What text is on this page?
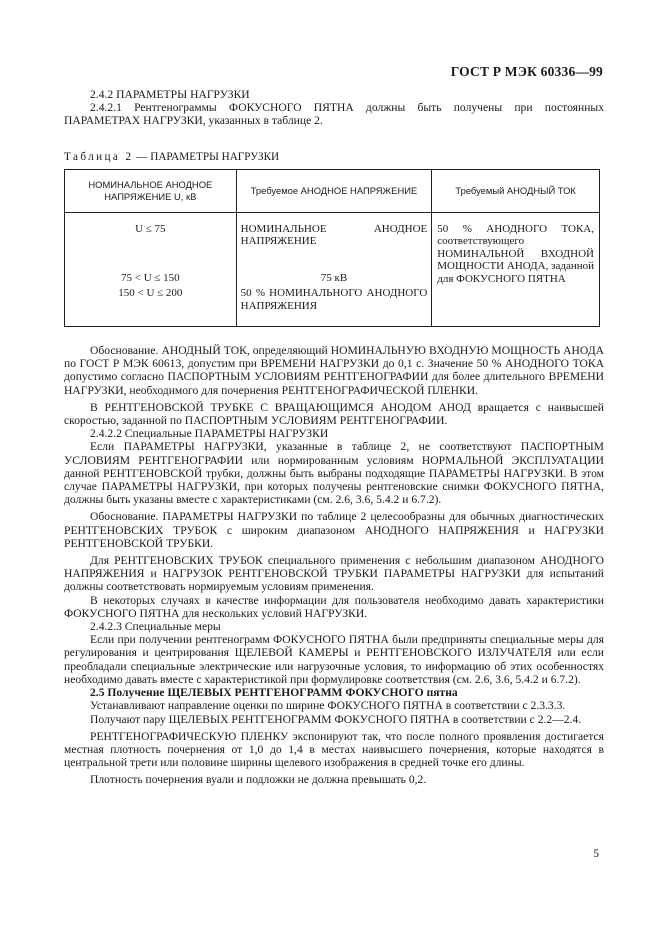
ГОСТ Р МЭК 60336—99

2.4.2 ПАРАМЕТРЫ НАГРУЗКИ

2.4.2.1 Рентгенограммы ФОКУСНОГО ПЯТНА должны быть получены при постоянных ПАРАМЕТРАХ НАГРУЗКИ, указанных в таблице 2.

Таблица 2 — ПАРАМЕТРЫ НАГРУЗКИ
НОМИНАЛЬНОЕ АНОДНОЕ НАПРЯЖЕНИЕ U, кВ	Требуемое АНОДНОЕ НАПРЯЖЕНИЕ	Требуемый АНОДНЫЙ ТОК
U ≤ 75	НОМИНАЛЬНОЕ АНОДНОЕ НАПРЯЖЕНИЕ	50 % АНОДНОГО ТОКА, соответствующего НОМИНАЛЬНОЙ ВХОДНОЙ МОЩНОСТИ АНОДА, заданной для ФОКУСНОГО ПЯТНА
75 < U ≤ 150	75 кВ	
150 < U ≤ 200	50 % НОМИНАЛЬНОГО АНОДНОГО НАПРЯЖЕНИЯ	

Обоснование. АНОДНЫЙ ТОК, определяющий НОМИНАЛЬНУЮ ВХОДНУЮ МОЩНОСТЬ АНОДА по ГОСТ Р МЭК 60613, допустим при ВРЕМЕНИ НАГРУЗКИ до 0,1 с. Значение 50 % АНОДНОГО ТОКА допустимо согласно ПАСПОРТНЫМ УСЛОВИЯМ РЕНТГЕНОГРАФИИ для более длительного ВРЕМЕНИ НАГРУЗКИ, необходимого для почернения РЕНТГЕНОГРАФИЧЕСКОЙ ПЛЕНКИ.

В РЕНТГЕНОВСКОЙ ТРУБКЕ С ВРАЩАЮЩИМСЯ АНОДОМ АНОД вращается с наивысшей скоростью, заданной по ПАСПОРТНЫМ УСЛОВИЯМ РЕНТГЕНОГРАФИИ.

2.4.2.2 Специальные ПАРАМЕТРЫ НАГРУЗКИ

Если ПАРАМЕТРЫ НАГРУЗКИ, указанные в таблице 2, не соответствуют ПАСПОРТНЫМ УСЛОВИЯМ РЕНТГЕНОГРАФИИ или нормированным условиям НОРМАЛЬНОЙ ЭКСПЛУАТАЦИИ данной РЕНТГЕНОВСКОЙ трубки, должны быть выбраны подходящие ПАРАМЕТРЫ НАГРУЗКИ. В этом случае ПАРАМЕТРЫ НАГРУЗКИ, при которых получены рентгеновские снимки ФОКУСНОГО ПЯТНА, должны быть указаны вместе с характеристиками (см. 2.6, 3.6, 5.4.2 и 6.7.2).

Обоснование. ПАРАМЕТРЫ НАГРУЗКИ по таблице 2 целесообразны для обычных диагностических РЕНТГЕНОВСКИХ ТРУБОК с широким диапазоном АНОДНОГО НАПРЯЖЕНИЯ и НАГРУЗКИ РЕНТГЕНОВСКОЙ ТРУБКИ.

Для РЕНТГЕНОВСКИХ ТРУБОК специального применения с небольшим диапазоном АНОДНОГО НАПРЯЖЕНИЯ и НАГРУЗОК РЕНТГЕНОВСКОЙ ТРУБКИ ПАРАМЕТРЫ НАГРУЗКИ для испытаний должны соответствовать нормируемым условиям применения.

В некоторых случаях в качестве информации для пользователя необходимо давать характеристики ФОКУСНОГО ПЯТНА для нескольких условий НАГРУЗКИ.

2.4.2.3 Специальные меры

Если при получении рентгенограмм ФОКУСНОГО ПЯТНА были предприняты специальные меры для регулирования и центрирования ЩЕЛЕВОЙ КАМЕРЫ и РЕНТГЕНОВСКОГО ИЗЛУЧАТЕЛЯ или если преобладали специальные электрические или нагрузочные условия, то информацию об этих особенностях необходимо давать вместе с характеристикой при формулировке соответствия (см. 2.6, 3.6, 5.4.2 и 6.7.2).

2.5 Получение ЩЕЛЕВЫХ РЕНТГЕНОГРАММ ФОКУСНОГО пятна

Устанавливают направление оценки по ширине ФОКУСНОГО ПЯТНА в соответствии с 2.3.3.3.

Получают пару ЩЕЛЕВЫХ РЕНТГЕНОГРАММ ФОКУСНОГО ПЯТНА в соответствии с 2.2—2.4.

РЕНТГЕНОГРАФИЧЕСКУЮ ПЛЕНКУ экспонируют так, что после полного проявления достигается местная плотность почернения от 1,0 до 1,4 в местах наивысшего почернения, которые находятся в центральной трети или половине ширины щелевого изображения в средней точке его длины.

Плотность почернения вуали и подложки не должна превышать 0,2.

5
